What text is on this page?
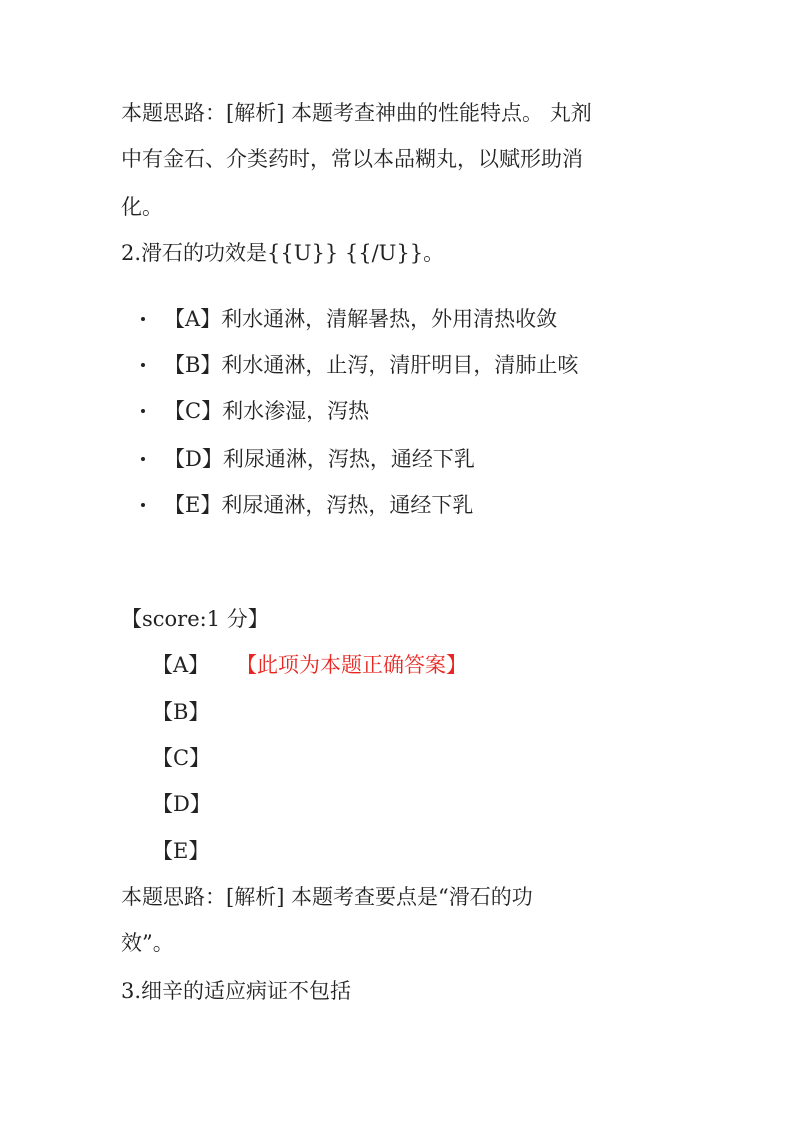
本题思路：[解析] 本题考查神曲的性能特点。 丸剂
中有金石、介类药时，常以本品糊丸，以赋形助消
化。
2.滑石的功效是{{U}} {{/U}}。

【A】利水通淋，清解暑热，外用清热收敛

【B】利水通淋，止泻，清肝明目，清肺止咳

【C】利水渗湿，泻热

【D】利尿通淋，泻热，通经下乳

【E】利尿通淋，泻热，通经下乳

【score:1 分】
【A】 【此项为本题正确答案】
【B】
【C】
【D】
【E】
本题思路：[解析] 本题考查要点是“滑石的功
效”。
3.细辛的适应病证不包括
